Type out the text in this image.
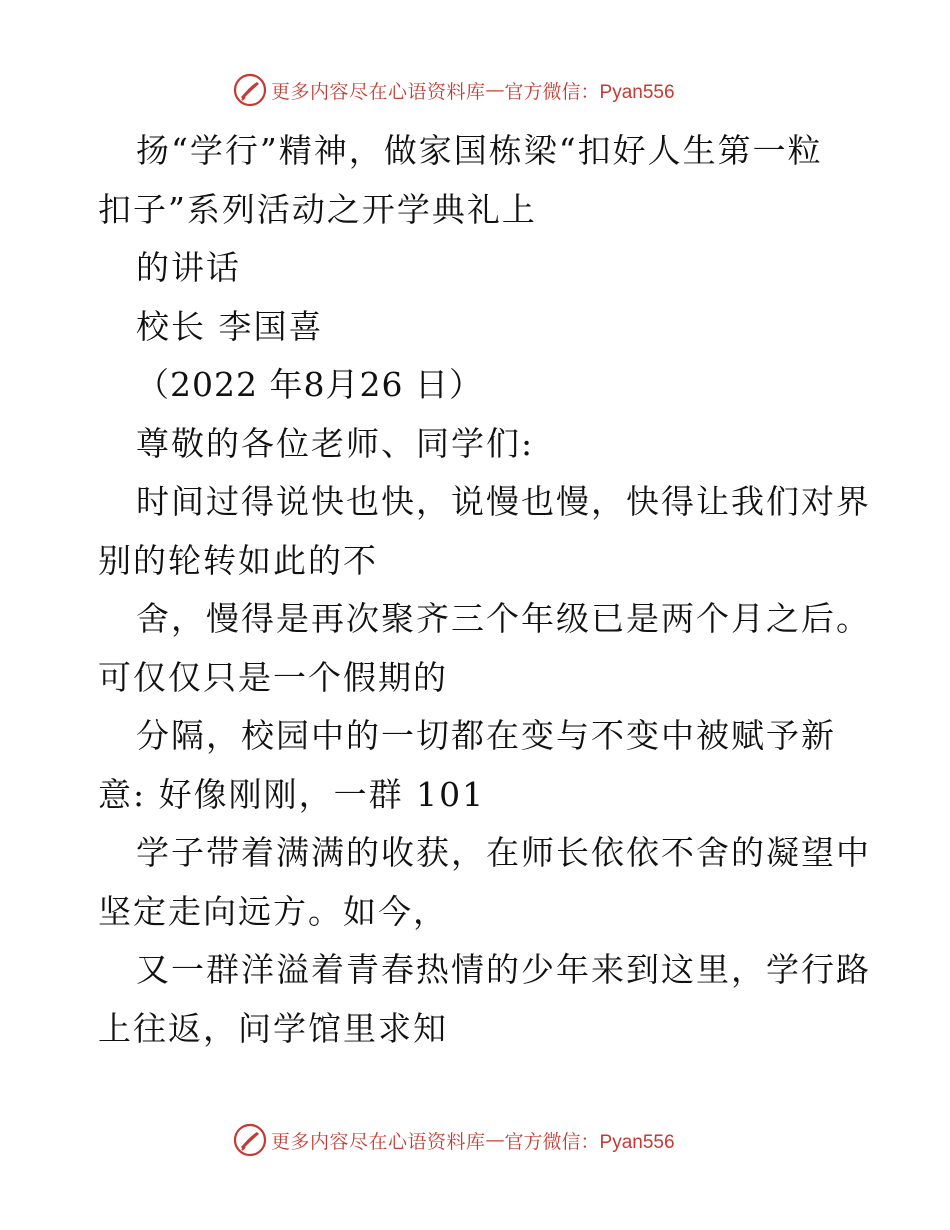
更多内容尽在心语资料库 — 官方微信：Pyan556
扬“学行”精神，做家国栋梁“扣好人生第一粒
扣子”系列活动之开学典礼上
的讲话
校长 李国喜
（2022 年8月26 日）
尊敬的各位老师、同学们:
时间过得说快也快，说慢也慢，快得让我们对界
别的轮转如此的不
舍，慢得是再次聚齐三个年级已是两个月之后。
可仅仅只是一个假期的
分隔，校园中的一切都在变与不变中被赋予新
意: 好像刚刚，一群 101
学子带着满满的收获，在师长依依不舍的凝望中
坚定走向远方。如今，
又一群洋溢着青春热情的少年来到这里，学行路
上往返，问学馆里求知
更多内容尽在心语资料库 — 官方微信：Pyan556
